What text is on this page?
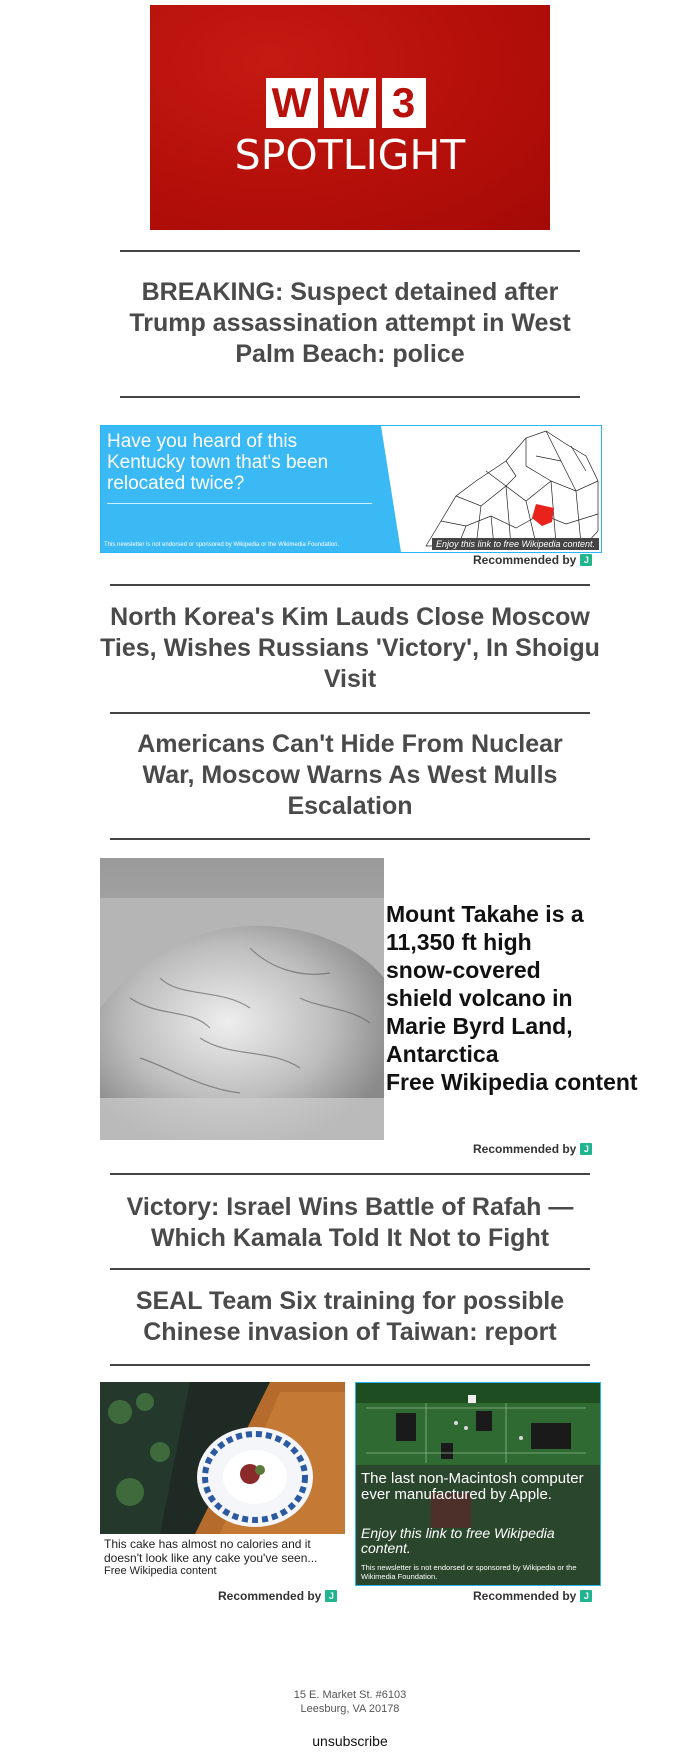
W W 3
SPOTLIGHT
BREAKING: Suspect detained after Trump assassination attempt in West Palm Beach: police
Have you heard of this Kentucky town that's been relocated twice?
This newsletter is not endorsed or sponsored by Wikipedia or the Wikimedia Foundation.	Enjoy this link to free Wikipedia content.
Recommended by J
North Korea's Kim Lauds Close Moscow Ties, Wishes Russians 'Victory', In Shoigu Visit
Americans Can't Hide From Nuclear War, Moscow Warns As West Mulls Escalation
Mount Takahe is a 11,350 ft high snow-covered shield volcano in Marie Byrd Land, Antarctica
Free Wikipedia content
Recommended by J
Victory: Israel Wins Battle of Rafah — Which Kamala Told It Not to Fight
SEAL Team Six training for possible Chinese invasion of Taiwan: report
This cake has almost no calories and it doesn't look like any cake you've seen...
Free Wikipedia content
The last non-Macintosh computer ever manufactured by Apple.
Enjoy this link to free Wikipedia content.
This newsletter is not endorsed or sponsored by Wikipedia or the Wikimedia Foundation.
Recommended by J	Recommended by J
15 E. Market St. #6103
Leesburg, VA 20178
unsubscribe
